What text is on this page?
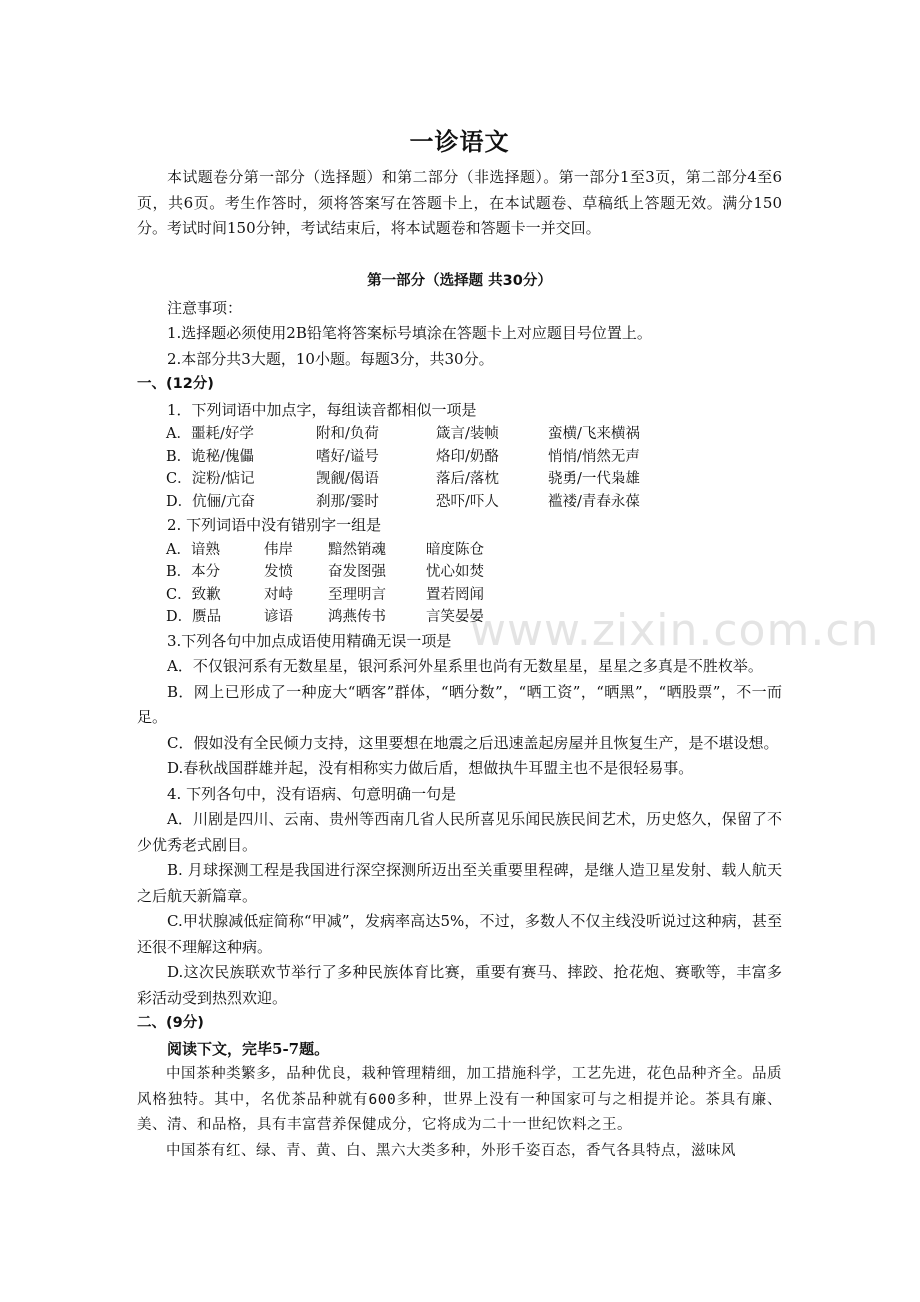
www.zixin.com.cn
一诊语文

本试题卷分第一部分（选择题）和第二部分（非选择题）。第一部分1至3页，第二部分4至6页，共6页。考生作答时，须将答案写在答题卡上，在本试题卷、草稿纸上答题无效。满分150分。考试时间150分钟，考试结束后，将本试题卷和答题卡一并交回。

第一部分（选择题 共30分）

注意事项：

1.选择题必须使用2B铅笔将答案标号填涂在答题卡上对应题目号位置上。

2.本部分共3大题，10小题。每题3分，共30分。

一、(12分)

1．下列词语中加点字，每组读音都相似一项是

A．噩耗/好学	附和/负荷	箴言/装帧	蛮横/飞来横祸
B．诡秘/傀儡	嗜好/谥号	烙印/奶酪	悄悄/悄然无声
C．淀粉/惦记	觊觎/偈语	落后/落枕	骁勇/一代枭雄
D．伉俪/亢奋	刹那/霎时	恐吓/吓人	褴褛/青春永葆

2. 下列词语中没有错别字一组是

A．谙熟	伟岸	黯然销魂	暗度陈仓
B．本分	发愤	奋发图强	忧心如焚
C．致歉	对峙	至理明言	置若罔闻
D．赝品	谚语	鸿燕传书	言笑晏晏

3.下列各句中加点成语使用精确无误一项是

A．不仅银河系有无数星星，银河系河外星系里也尚有无数星星，星星之多真是不胜枚举。

B．网上已形成了一种庞大“晒客”群体，“晒分数”，“晒工资”，“晒黑”，“晒股票”，不一而足。

C．假如没有全民倾力支持，这里要想在地震之后迅速盖起房屋并且恢复生产，是不堪设想。

D.春秋战国群雄并起，没有相称实力做后盾，想做执牛耳盟主也不是很轻易事。

4. 下列各句中，没有语病、句意明确一句是

A．川剧是四川、云南、贵州等西南几省人民所喜见乐闻民族民间艺术，历史悠久，保留了不少优秀老式剧目。

B. 月球探测工程是我国进行深空探测所迈出至关重要里程碑，是继人造卫星发射、载人航天之后航天新篇章。

C.甲状腺减低症简称“甲减”，发病率高达5%，不过，多数人不仅主线没听说过这种病，甚至还很不理解这种病。

D.这次民族联欢节举行了多种民族体育比赛，重要有赛马、摔跤、抢花炮、赛歌等，丰富多彩活动受到热烈欢迎。

二、(9分)

阅读下文，完毕5-7题。

中国茶种类繁多，品种优良，栽种管理精细，加工措施科学，工艺先进，花色品种齐全。品质风格独特。其中，名优茶品种就有600多种，世界上没有一种国家可与之相提并论。茶具有廉、美、清、和品格，具有丰富营养保健成分，它将成为二十一世纪饮料之王。

中国茶有红、绿、青、黄、白、黑六大类多种，外形千姿百态，香气各具特点，滋味风
